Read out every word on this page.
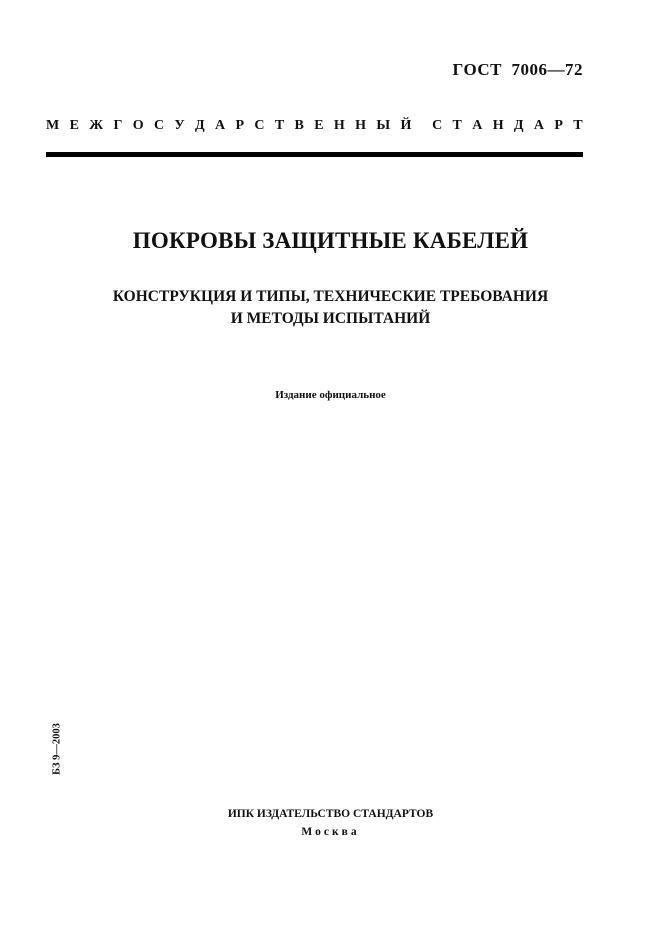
ГОСТ  7006—72
М Е Ж Г О С У Д А Р С Т В Е Н Н Ы Й С Т А Н Д А Р Т
ПОКРОВЫ ЗАЩИТНЫЕ КАБЕЛЕЙ
КОНСТРУКЦИЯ И ТИПЫ, ТЕХНИЧЕСКИЕ ТРЕБОВАНИЯ
И МЕТОДЫ ИСПЫТАНИЙ
Издание официальное
БЗ 9—2003
ИПК ИЗДАТЕЛЬСТВО СТАНДАРТОВ
Москва
